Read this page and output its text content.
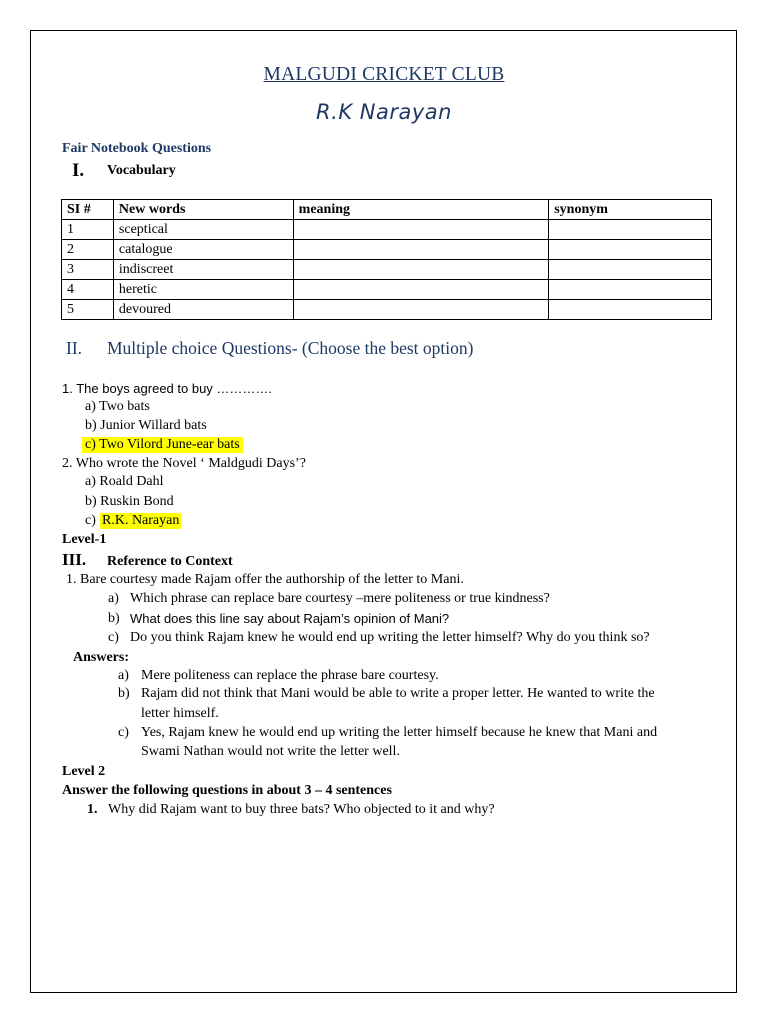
MALGUDI CRICKET CLUB
R.K Narayan
Fair Notebook Questions
I. Vocabulary
SI #	New words	meaning	synonym
1	sceptical		
2	catalogue		
3	indiscreet		
4	heretic		
5	devoured		
II. Multiple choice Questions- (Choose the best option)
1. The boys agreed to buy ………….
a) Two bats
b) Junior Willard bats
c) Two Vilord June-ear bats
2. Who wrote the Novel ‘ Maldgudi Days’?
a) Roald Dahl
b) Ruskin Bond
c) R.K. Narayan
Level-1
III. Reference to Context
1. Bare courtesy made Rajam offer the authorship of the letter to Mani.
a) Which phrase can replace bare courtesy –mere politeness or true kindness?
b) What does this line say about Rajam’s opinion of Mani?
c) Do you think Rajam knew he would end up writing the letter himself? Why do you think so?
Answers:
a) Mere politeness can replace the phrase bare courtesy.
b) Rajam did not think that Mani would be able to write a proper letter. He wanted to write the
letter himself.
c) Yes, Rajam knew he would end up writing the letter himself because he knew that Mani and
Swami Nathan would not write the letter well.
Level 2
Answer the following questions in about 3 – 4 sentences
1. Why did Rajam want to buy three bats? Who objected to it and why?
